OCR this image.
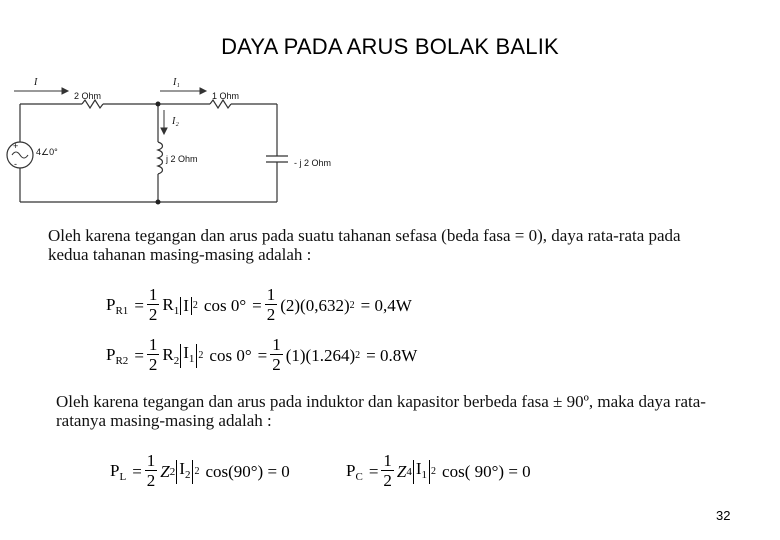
DAYA PADA ARUS BOLAK BALIK
+
-
I	I₁
I₂
2 Ohm	1 Ohm
4∠0°
j 2 Ohm	- j 2 Ohm
Oleh karena tegangan dan arus pada suatu tahanan sefasa (beda fasa = 0), daya rata-rata pada kedua tahanan masing-masing adalah :
$P_{R1} = \frac{1}{2} R_1$ I 2 $\cos 0^\circ = \frac{1}{2} (2)(0,632) 2 = 0,4W$
$P_{R2} = \frac{1}{2} R_2$ $I_1$ 2 $\cos 0^\circ = \frac{1}{2} (1)(1.264) 2 = 0.8W$
Oleh karena tegangan dan arus pada induktor dan kapasitor berbeda fasa ± 90º, maka daya rata-ratanya masing-masing adalah :
$P_L = \frac{1}{2}$ Z 2 $I_2$ 2 cos(90°) = 0	$P_C = \frac{1}{2}$ Z 4 $I_1$ 2 cos( 90°) = 0
32
